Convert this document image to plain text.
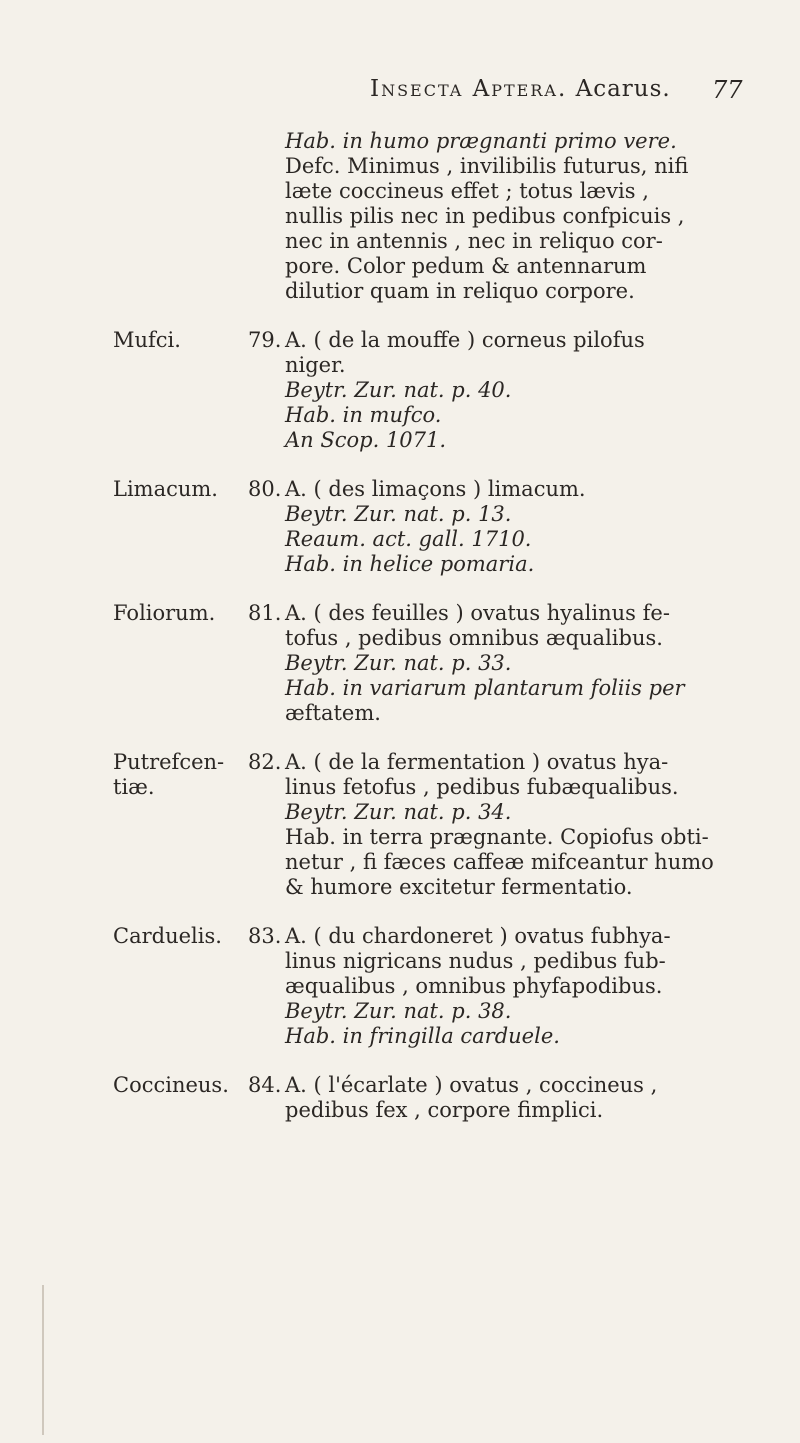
Insecta Aptera. Acarus. 77
Hab. in humo prægnanti primo vere.
Defc. Minimus , invilibilis futurus, nifi
læte coccineus effet ; totus lævis ,
nullis pilis nec in pedibus confpicuis ,
nec in antennis , nec in reliquo cor-
pore. Color pedum & antennarum
dilutior quam in reliquo corpore.
Mufci.	79. A. ( de la mouffe ) corneus pilofus
niger.
Beytr. Zur. nat. p. 40.
Hab. in mufco.
An Scop. 1071.
Limacum. 80. A. ( des limaçons ) limacum.
Beytr. Zur. nat. p. 13.
Reaum. act. gall. 1710.
Hab. in helice pomaria.
Foliorum. 81. A. ( des feuilles ) ovatus hyalinus fe-
tofus , pedibus omnibus æqualibus.
Beytr. Zur. nat. p. 33.
Hab. in variarum plantarum foliis per
æftatem.
Putrefcen-
tiæ.
82. A. ( de la fermentation ) ovatus hya-
linus fetofus , pedibus fubæqualibus.
Beytr. Zur. nat. p. 34.
Hab. in terra prægnante. Copiofus obti-
netur , fi fæces caffeæ mifceantur humo
& humore excitetur fermentatio.
Carduelis. 83. A. ( du chardoneret ) ovatus fubhya-
linus nigricans nudus , pedibus fub-
æqualibus , omnibus phyfapodibus.
Beytr. Zur. nat. p. 38.
Hab. in fringilla carduele.
Coccineus. 84. A. ( l'écarlate ) ovatus , coccineus ,
pedibus fex , corpore fimplici.
